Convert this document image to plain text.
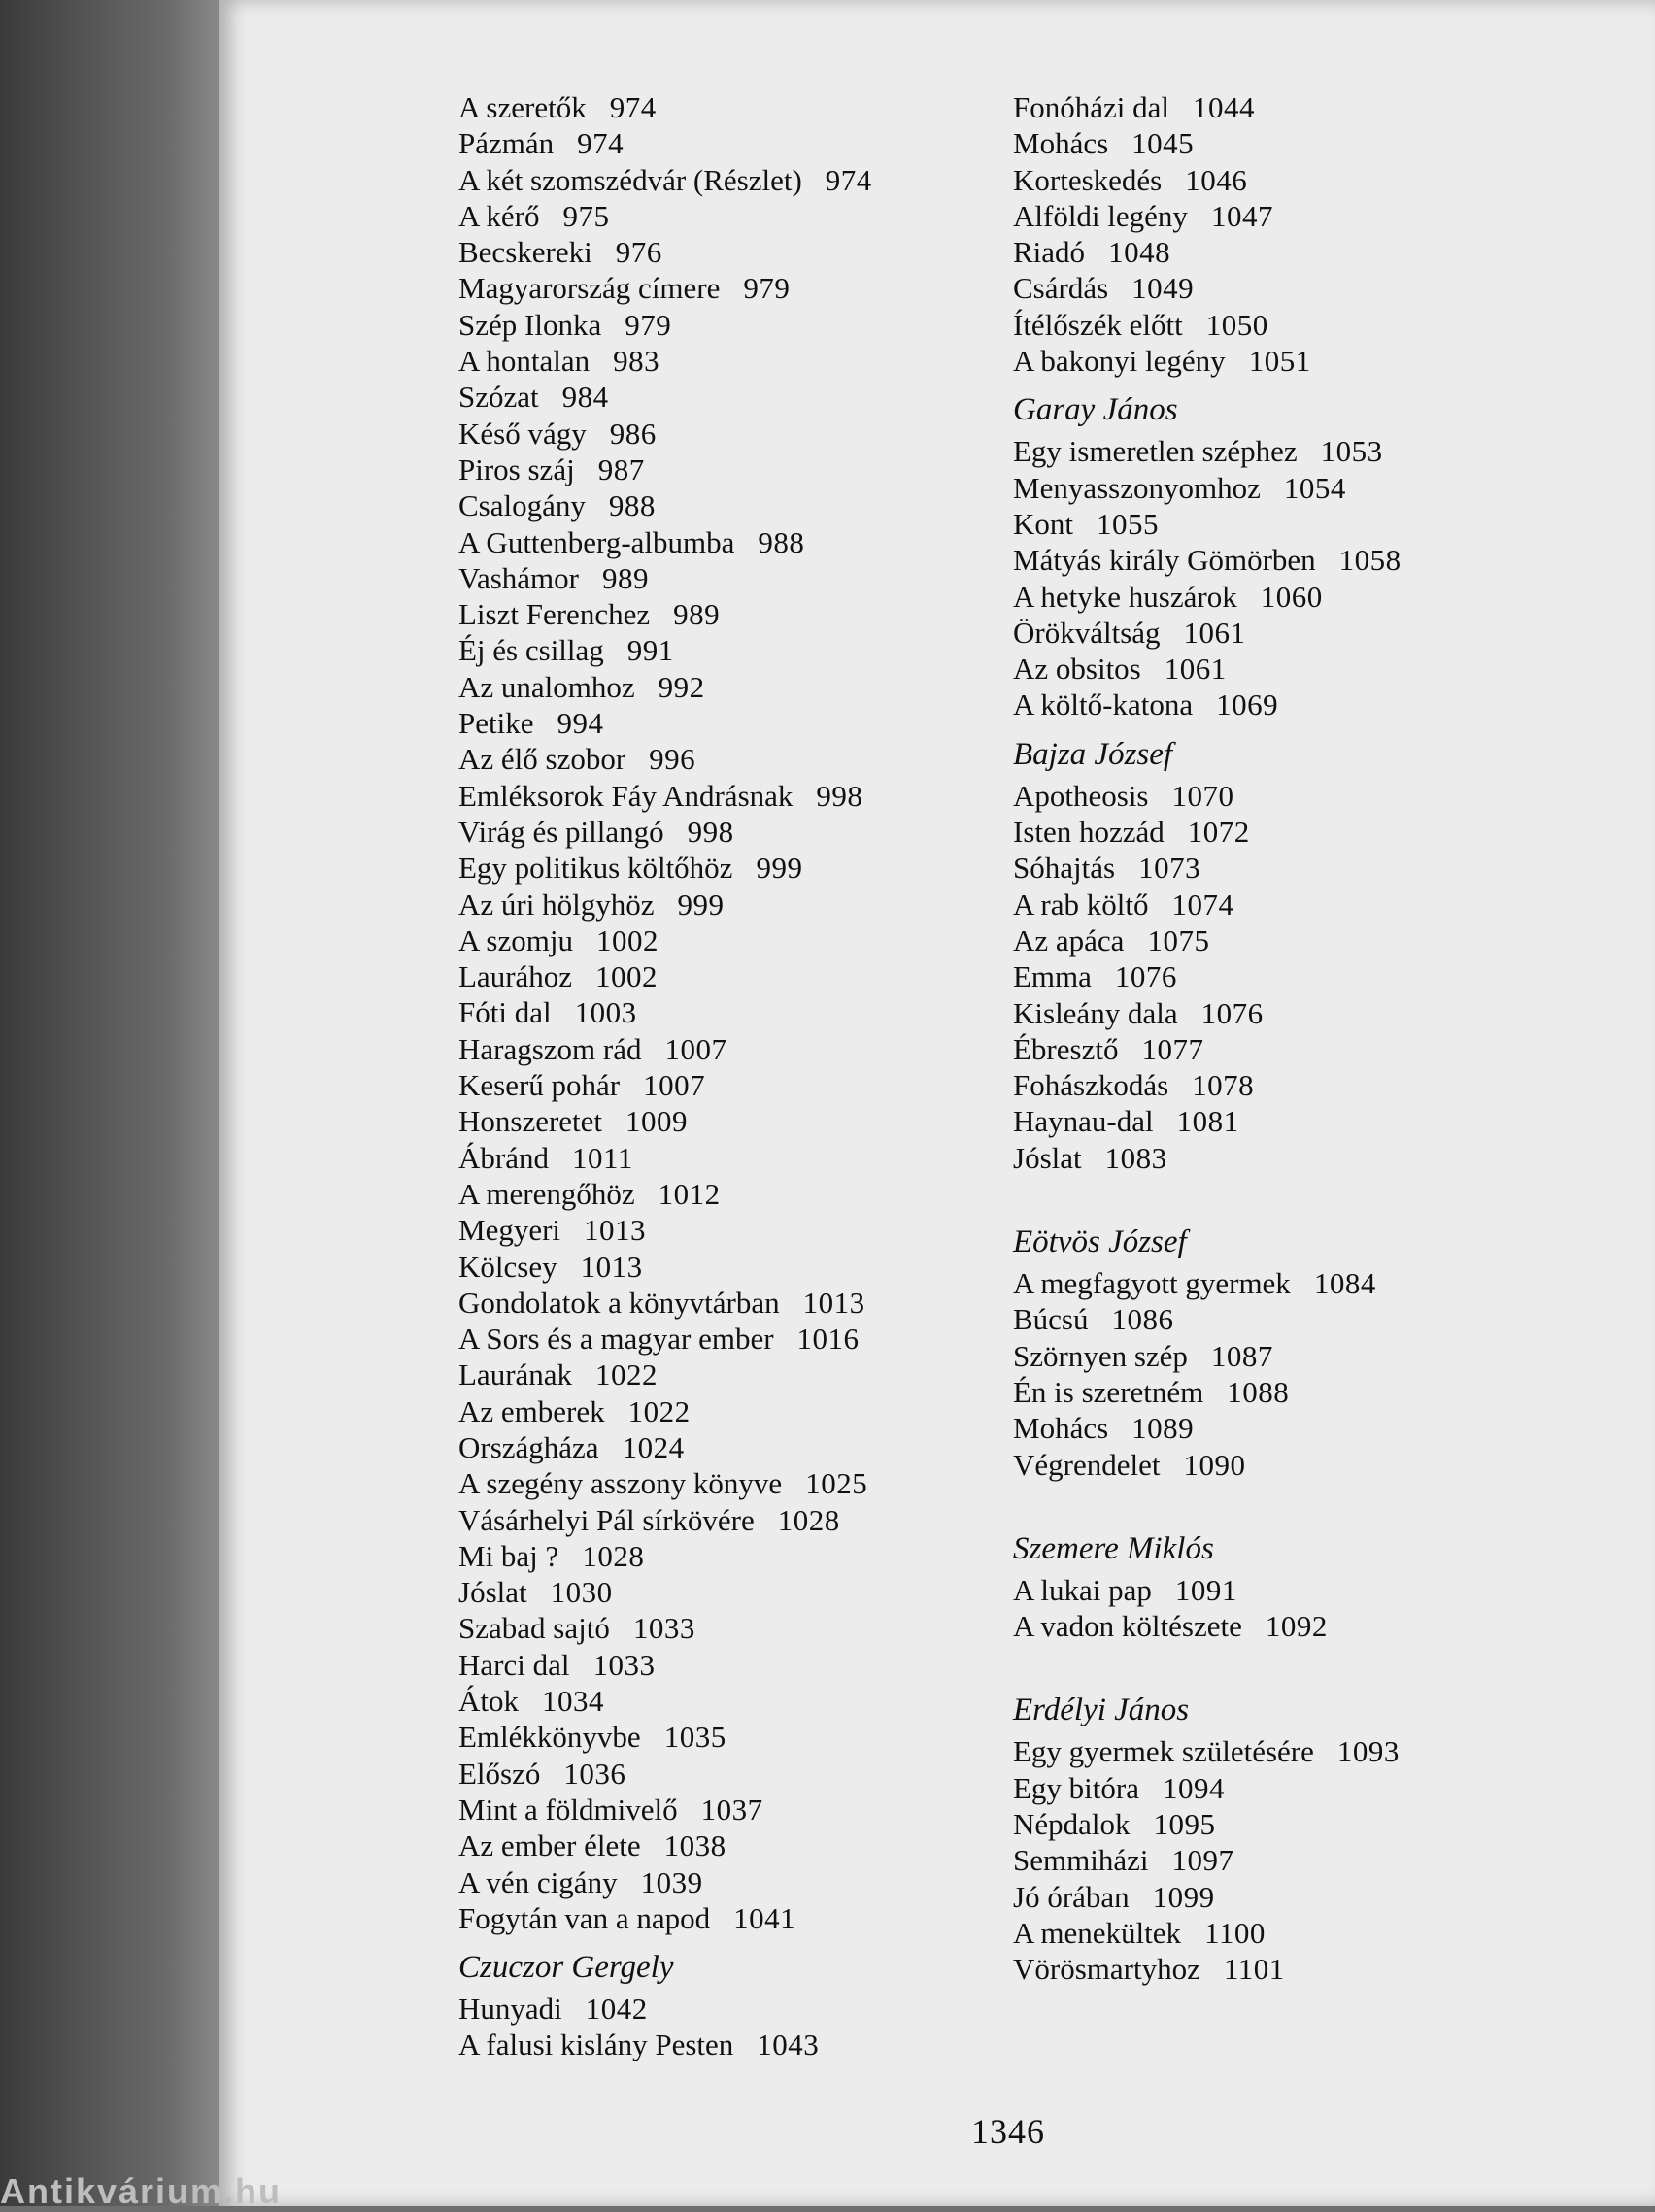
A szeretők 974
Pázmán 974
A két szomszédvár (Részlet) 974
A kérő 975
Becskereki 976
Magyarország címere 979
Szép Ilonka 979
A hontalan 983
Szózat 984
Késő vágy 986
Piros száj 987
Csalogány 988
A Guttenberg-albumba 988
Vashámor 989
Liszt Ferenchez 989
Éj és csillag 991
Az unalomhoz 992
Petike 994
Az élő szobor 996
Emléksorok Fáy Andrásnak 998
Virág és pillangó 998
Egy politikus költőhöz 999
Az úri hölgyhöz 999
A szomju 1002
Laurához 1002
Fóti dal 1003
Haragszom rád 1007
Keserű pohár 1007
Honszeretet 1009
Ábránd 1011
A merengőhöz 1012
Megyeri 1013
Kölcsey 1013
Gondolatok a könyvtárban 1013
A Sors és a magyar ember 1016
Laurának 1022
Az emberek 1022
Országháza 1024
A szegény asszony könyve 1025
Vásárhelyi Pál sírkövére 1028
Mi baj ? 1028
Jóslat 1030
Szabad sajtó 1033
Harci dal 1033
Átok 1034
Emlékkönyvbe 1035
Előszó 1036
Mint a földmivelő 1037
Az ember élete 1038
A vén cigány 1039
Fogytán van a napod 1041
Czuczor Gergely
Hunyadi 1042
A falusi kislány Pesten 1043
Fonóházi dal 1044
Mohács 1045
Korteskedés 1046
Alföldi legény 1047
Riadó 1048
Csárdás 1049
Ítélőszék előtt 1050
A bakonyi legény 1051
Garay János
Egy ismeretlen széphez 1053
Menyasszonyomhoz 1054
Kont 1055
Mátyás király Gömörben 1058
A hetyke huszárok 1060
Örökváltság 1061
Az obsitos 1061
A költő-katona 1069
Bajza József
Apotheosis 1070
Isten hozzád 1072
Sóhajtás 1073
A rab költő 1074
Az apáca 1075
Emma 1076
Kisleány dala 1076
Ébresztő 1077
Fohászkodás 1078
Haynau-dal 1081
Jóslat 1083
Eötvös József
A megfagyott gyermek 1084
Búcsú 1086
Szörnyen szép 1087
Én is szeretném 1088
Mohács 1089
Végrendelet 1090
Szemere Miklós
A lukai pap 1091
A vadon költészete 1092
Erdélyi János
Egy gyermek születésére 1093
Egy bitóra 1094
Népdalok 1095
Semmiházi 1097
Jó órában 1099
A menekültek 1100
Vörösmartyhoz 1101
1346
Antikvárium.hu
